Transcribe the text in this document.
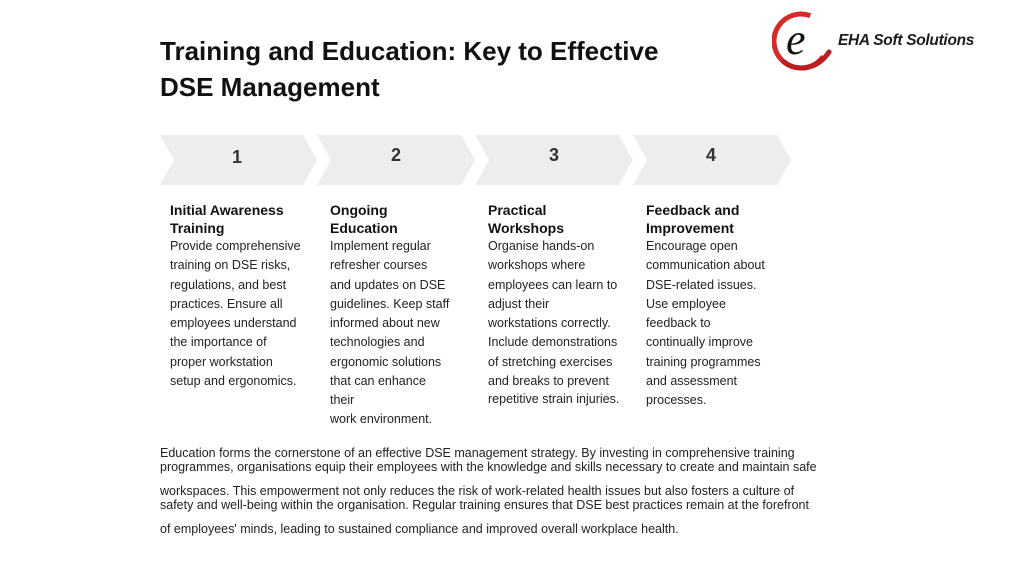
Training and Education: Key to Effective
DSE Management
e EHA Soft Solutions
1	2	3	4
Initial Awareness
Training
Provide comprehensive
training on DSE risks,
regulations, and best
practices. Ensure all
employees understand
the importance of
proper workstation
setup and ergonomics.
Ongoing
Education
Implement regular
refresher courses
and updates on DSE
guidelines. Keep staff
informed about new
technologies and
ergonomic solutions
that can enhance
their
work environment.
Practical
Workshops
Organise hands-on
workshops where
employees can learn to
adjust their
workstations correctly.
Include demonstrations
of stretching exercises
and breaks to prevent
repetitive strain injuries.
Feedback and
Improvement
Encourage open
communication about
DSE-related issues.
Use employee
feedback to
continually improve
training programmes
and assessment
processes.

Education forms the cornerstone of an effective DSE management strategy. By investing in comprehensive training
programmes, organisations equip their employees with the knowledge and skills necessary to create and maintain safe

workspaces. This empowerment not only reduces the risk of work-related health issues but also fosters a culture of
safety and well-being within the organisation. Regular training ensures that DSE best practices remain at the forefront

of employees' minds, leading to sustained compliance and improved overall workplace health.
